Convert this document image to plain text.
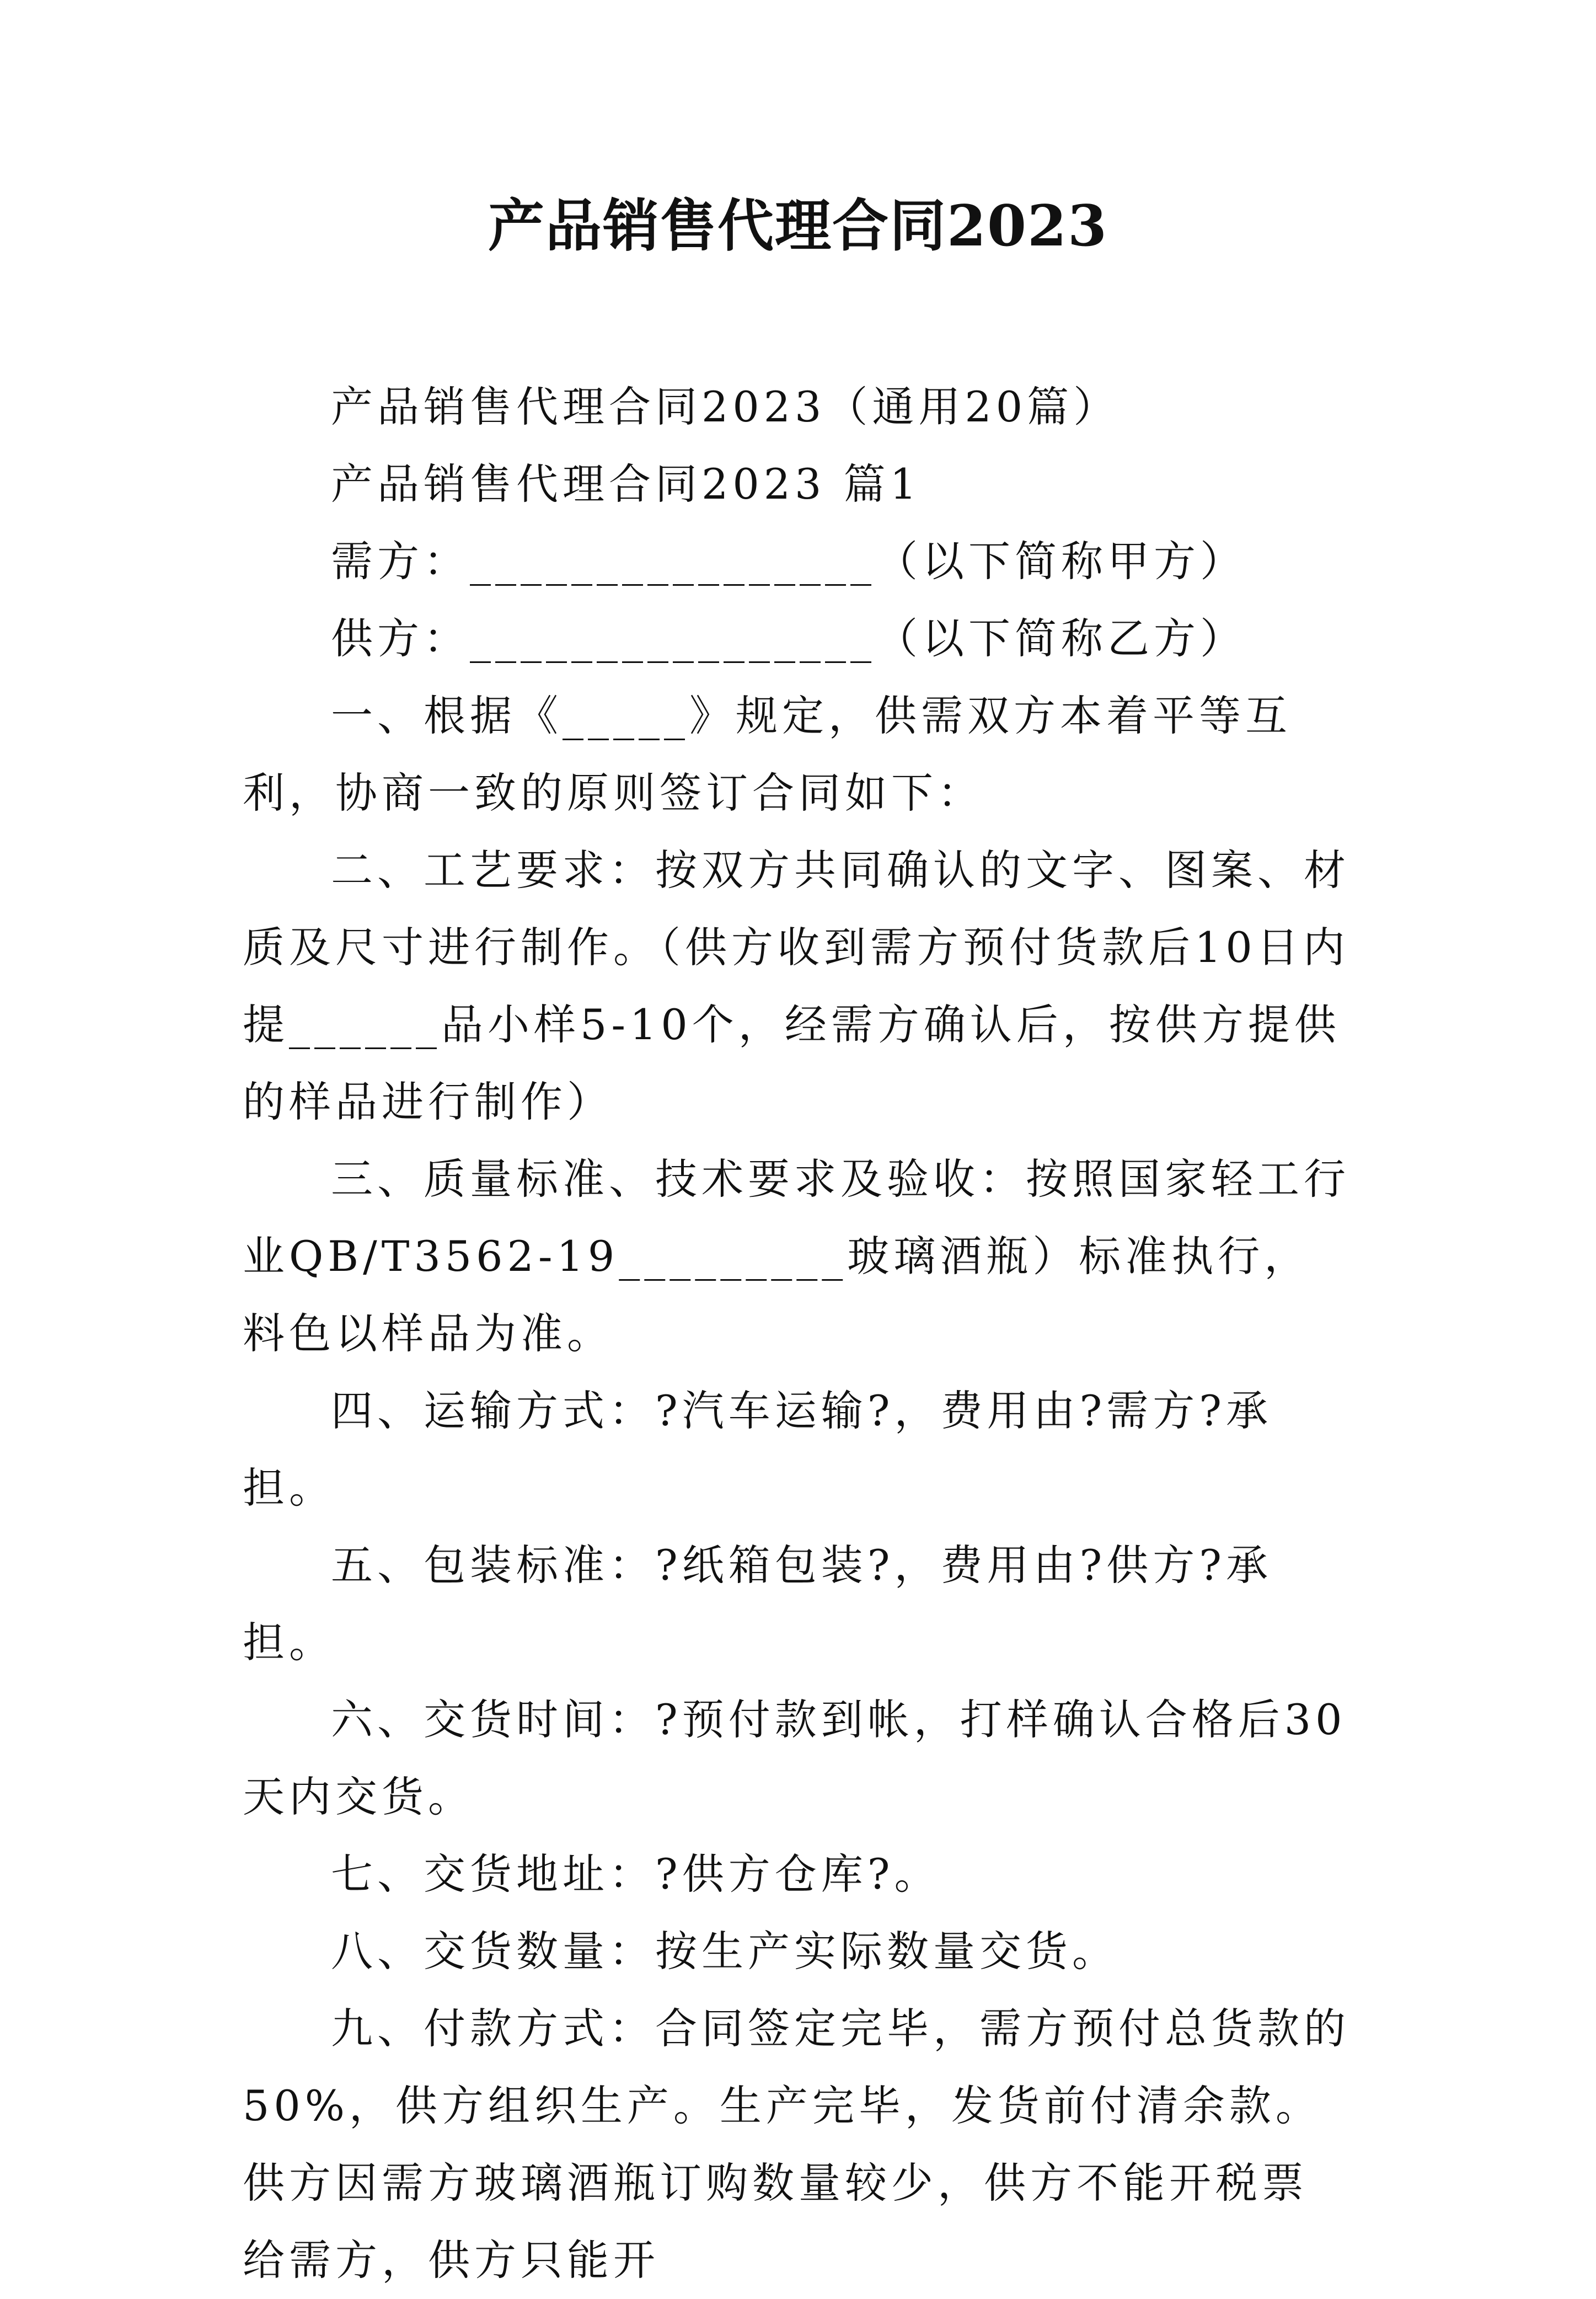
产品销售代理合同2023

产品销售代理合同2023（通用20篇）

产品销售代理合同2023 篇1

需方：________________（以下简称甲方）

供方：________________（以下简称乙方）

一、根据《_____》规定，供需双方本着平等互利，协商一致的原则签订合同如下：

二、工艺要求：按双方共同确认的文字、图案、材质及尺寸进行制作。（供方收到需方预付货款后10日内提______品小样5-10个，经需方确认后，按供方提供的样品进行制作）

三、质量标准、技术要求及验收：按照国家轻工行业QB/T3562-19_________玻璃酒瓶）标准执行，料色以样品为准。

四、运输方式：?汽车运输?，费用由?需方?承担。

五、包装标准：?纸箱包装?，费用由?供方?承担。

六、交货时间：?预付款到帐，打样确认合格后30天内交货。

七、交货地址：?供方仓库?。

八、交货数量：按生产实际数量交货。

九、付款方式：合同签定完毕，需方预付总货款的50%，供方组织生产。生产完毕，发货前付清余款。供方因需方玻璃酒瓶订购数量较少，供方不能开税票给需方，供方只能开
